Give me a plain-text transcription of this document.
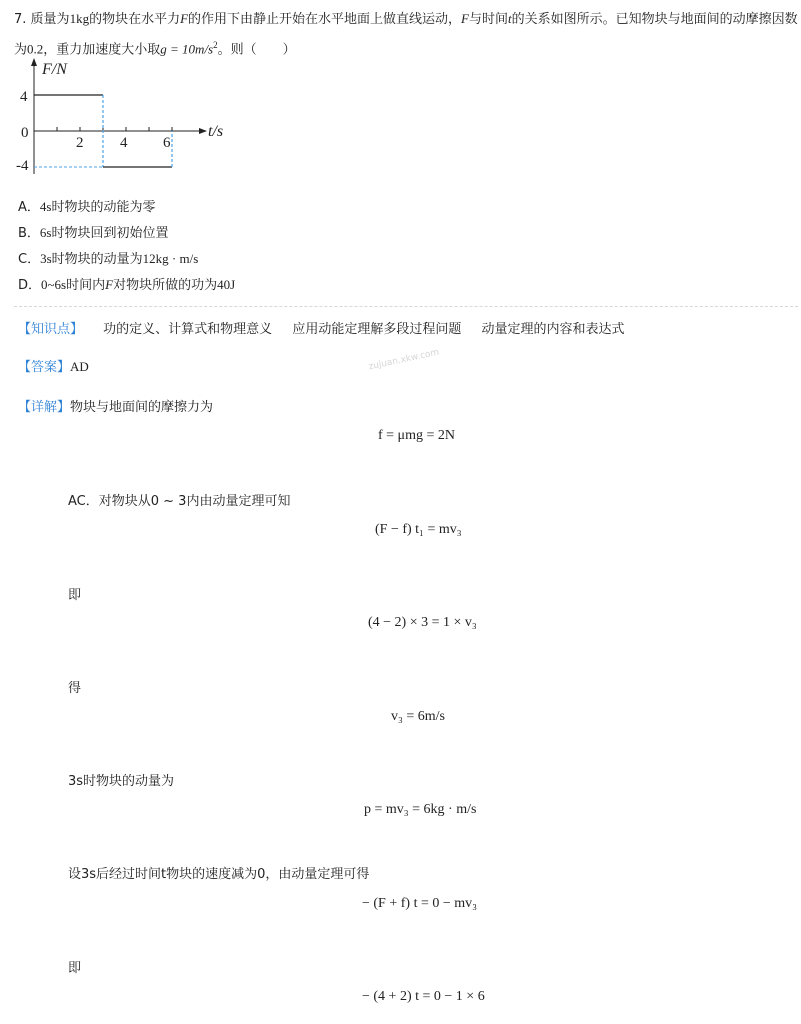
7. 质量为1kg的物块在水平力F的作用下由静止开始在水平地面上做直线运动，F与时间t的关系如图所示。已知物块与地面间的动摩擦因数
为0.2，重力加速度大小取$g = 10m/s^2$。则（　　）
F/N
t/s
4
0
-4
2 4 6
A．4s时物块的动能为零
B．6s时物块回到初始位置
C．3s时物块的动量为12kg · m/s
D．0~6s时间内F对物块所做的功为40J
【知识点】 功的定义、计算式和物理意义 应用动能定理解多段过程问题 动量定理的内容和表达式
【答案】AD	zujuan.xkw.com
【详解】物块与地面间的摩擦力为
f = μmg = 2N
AC．对物块从0 ~ 3内由动量定理可知
(F − f) t₁ = mv₃
即
(4 − 2) × 3 = 1 × v₃
得
v₃ = 6m/s
3s时物块的动量为
p = mv₃ = 6kg · m/s
设3s后经过时间t物块的速度减为0，由动量定理可得
− (F + f) t = 0 − mv₃
即
− (4 + 2) t = 0 − 1 × 6
